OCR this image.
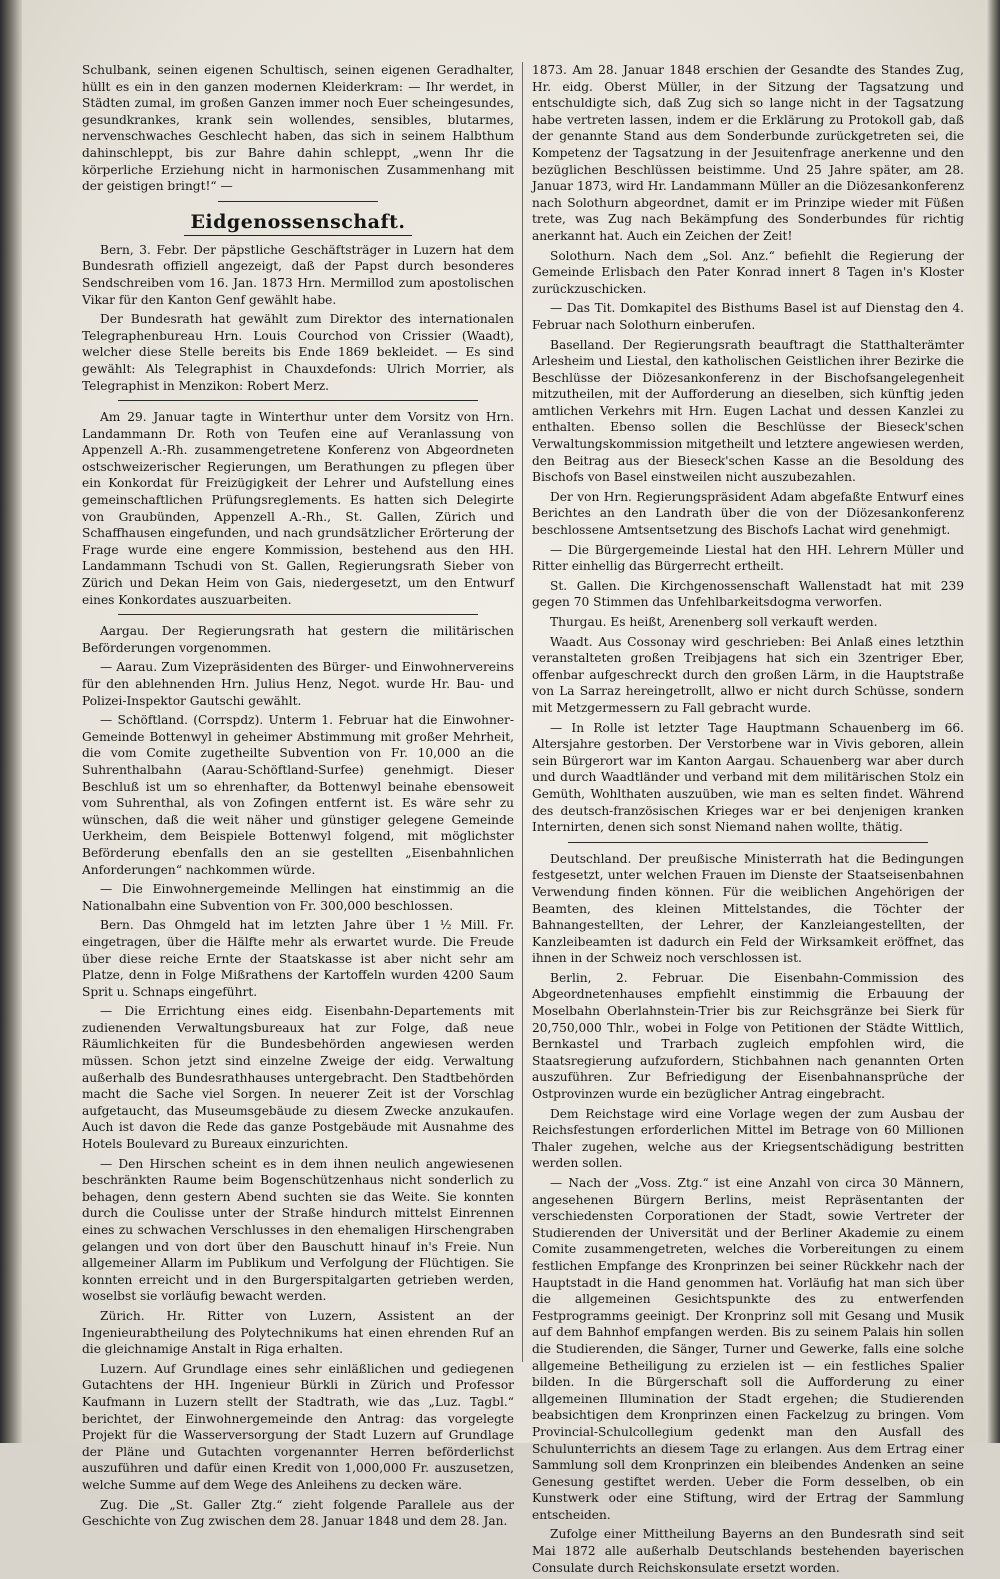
Schulbank, seinen eigenen Schultisch, seinen eigenen Geradhalter, hüllt es ein in den ganzen modernen Kleiderkram: — Ihr werdet, in Städten zumal, im großen Ganzen immer noch Euer scheingesundes, gesundkrankes, krank sein wollendes, sensibles, blutarmes, nervenschwaches Geschlecht haben, das sich in seinem Halbthum dahinschleppt, bis zur Bahre dahin schleppt, „wenn Ihr die körperliche Erziehung nicht in harmonischen Zusammenhang mit der geistigen bringt!“ —

Eidgenossenschaft.

Bern, 3. Febr. Der päpstliche Geschäftsträger in Luzern hat dem Bundesrath offiziell angezeigt, daß der Papst durch besonderes Sendschreiben vom 16. Jan. 1873 Hrn. Mermillod zum apostolischen Vikar für den Kanton Genf gewählt habe.

Der Bundesrath hat gewählt zum Direktor des internationalen Telegraphenbureau Hrn. Louis Courchod von Crissier (Waadt), welcher diese Stelle bereits bis Ende 1869 bekleidet. — Es sind gewählt: Als Telegraphist in Chauxdefonds: Ulrich Morrier, als Telegraphist in Menzikon: Robert Merz.

Am 29. Januar tagte in Winterthur unter dem Vorsitz von Hrn. Landammann Dr. Roth von Teufen eine auf Veranlassung von Appenzell A.-Rh. zusammengetretene Konferenz von Abgeordneten ostschweizerischer Regierungen, um Berathungen zu pflegen über ein Konkordat für Freizügigkeit der Lehrer und Aufstellung eines gemeinschaftlichen Prüfungsreglements. Es hatten sich Delegirte von Graubünden, Appenzell A.-Rh., St. Gallen, Zürich und Schaffhausen eingefunden, und nach grundsätzlicher Erörterung der Frage wurde eine engere Kommission, bestehend aus den HH. Landammann Tschudi von St. Gallen, Regierungsrath Sieber von Zürich und Dekan Heim von Gais, niedergesetzt, um den Entwurf eines Konkordates auszuarbeiten.

Aargau. Der Regierungsrath hat gestern die militärischen Beförderungen vorgenommen.

— Aarau. Zum Vizepräsidenten des Bürger- und Einwohnervereins für den ablehnenden Hrn. Julius Henz, Negot. wurde Hr. Bau- und Polizei-Inspektor Gautschi gewählt.

— Schöftland. (Corrspdz). Unterm 1. Februar hat die Einwohner-Gemeinde Bottenwyl in geheimer Abstimmung mit großer Mehrheit, die vom Comite zugetheilte Subvention von Fr. 10,000 an die Suhrenthalbahn (Aarau-Schöftland-Surfee) genehmigt. Dieser Beschluß ist um so ehrenhafter, da Bottenwyl beinahe ebensoweit vom Suhrenthal, als von Zofingen entfernt ist. Es wäre sehr zu wünschen, daß die weit näher und günstiger gelegene Gemeinde Uerkheim, dem Beispiele Bottenwyl folgend, mit möglichster Beförderung ebenfalls den an sie gestellten „Eisenbahnlichen Anforderungen“ nachkommen würde.

— Die Einwohnergemeinde Mellingen hat einstimmig an die Nationalbahn eine Subvention von Fr. 300,000 beschlossen.

Bern. Das Ohmgeld hat im letzten Jahre über 1 ½ Mill. Fr. eingetragen, über die Hälfte mehr als erwartet wurde. Die Freude über diese reiche Ernte der Staatskasse ist aber nicht sehr am Platze, denn in Folge Mißrathens der Kartoffeln wurden 4200 Saum Sprit u. Schnaps eingeführt.

— Die Errichtung eines eidg. Eisenbahn-Departements mit zudienenden Verwaltungsbureaux hat zur Folge, daß neue Räumlichkeiten für die Bundesbehörden angewiesen werden müssen. Schon jetzt sind einzelne Zweige der eidg. Verwaltung außerhalb des Bundesrathhauses untergebracht. Den Stadtbehörden macht die Sache viel Sorgen. In neuerer Zeit ist der Vorschlag aufgetaucht, das Museumsgebäude zu diesem Zwecke anzukaufen. Auch ist davon die Rede das ganze Postgebäude mit Ausnahme des Hotels Boulevard zu Bureaux einzurichten.

— Den Hirschen scheint es in dem ihnen neulich angewiesenen beschränkten Raume beim Bogenschützenhaus nicht sonderlich zu behagen, denn gestern Abend suchten sie das Weite. Sie konnten durch die Coulisse unter der Straße hindurch mittelst Einrennen eines zu schwachen Verschlusses in den ehemaligen Hirschengraben gelangen und von dort über den Bauschutt hinauf in's Freie. Nun allgemeiner Allarm im Publikum und Verfolgung der Flüchtigen. Sie konnten erreicht und in den Burgerspitalgarten getrieben werden, woselbst sie vorläufig bewacht werden.

Zürich. Hr. Ritter von Luzern, Assistent an der Ingenieurabtheilung des Polytechnikums hat einen ehrenden Ruf an die gleichnamige Anstalt in Riga erhalten.

Luzern. Auf Grundlage eines sehr einläßlichen und gediegenen Gutachtens der HH. Ingenieur Bürkli in Zürich und Professor Kaufmann in Luzern stellt der Stadtrath, wie das „Luz. Tagbl.“ berichtet, der Einwohnergemeinde den Antrag: das vorgelegte Projekt für die Wasserversorgung der Stadt Luzern auf Grundlage der Pläne und Gutachten vorgenannter Herren beförderlichst auszuführen und dafür einen Kredit von 1,000,000 Fr. auszusetzen, welche Summe auf dem Wege des Anleihens zu decken wäre.

Zug. Die „St. Galler Ztg.“ zieht folgende Parallele aus der Geschichte von Zug zwischen dem 28. Januar 1848 und dem 28. Jan.

1873. Am 28. Januar 1848 erschien der Gesandte des Standes Zug, Hr. eidg. Oberst Müller, in der Sitzung der Tagsatzung und entschuldigte sich, daß Zug sich so lange nicht in der Tagsatzung habe vertreten lassen, indem er die Erklärung zu Protokoll gab, daß der genannte Stand aus dem Sonderbunde zurückgetreten sei, die Kompetenz der Tagsatzung in der Jesuitenfrage anerkenne und den bezüglichen Beschlüssen beistimme. Und 25 Jahre später, am 28. Januar 1873, wird Hr. Landammann Müller an die Diözesankonferenz nach Solothurn abgeordnet, damit er im Prinzipe wieder mit Füßen trete, was Zug nach Bekämpfung des Sonderbundes für richtig anerkannt hat. Auch ein Zeichen der Zeit!

Solothurn. Nach dem „Sol. Anz.“ befiehlt die Regierung der Gemeinde Erlisbach den Pater Konrad innert 8 Tagen in's Kloster zurückzuschicken.

— Das Tit. Domkapitel des Bisthums Basel ist auf Dienstag den 4. Februar nach Solothurn einberufen.

Baselland. Der Regierungsrath beauftragt die Statthalterämter Arlesheim und Liestal, den katholischen Geistlichen ihrer Bezirke die Beschlüsse der Diözesankonferenz in der Bischofsangelegenheit mitzutheilen, mit der Aufforderung an dieselben, sich künftig jeden amtlichen Verkehrs mit Hrn. Eugen Lachat und dessen Kanzlei zu enthalten. Ebenso sollen die Beschlüsse der Bieseck'schen Verwaltungskommission mitgetheilt und letztere angewiesen werden, den Beitrag aus der Bieseck'schen Kasse an die Besoldung des Bischofs von Basel einstweilen nicht auszubezahlen.

Der von Hrn. Regierungspräsident Adam abgefaßte Entwurf eines Berichtes an den Landrath über die von der Diözesankonferenz beschlossene Amtsentsetzung des Bischofs Lachat wird genehmigt.

— Die Bürgergemeinde Liestal hat den HH. Lehrern Müller und Ritter einhellig das Bürgerrecht ertheilt.

St. Gallen. Die Kirchgenossenschaft Wallenstadt hat mit 239 gegen 70 Stimmen das Unfehlbarkeitsdogma verworfen.

Thurgau. Es heißt, Arenenberg soll verkauft werden.

Waadt. Aus Cossonay wird geschrieben: Bei Anlaß eines letzthin veranstalteten großen Treibjagens hat sich ein 3zentriger Eber, offenbar aufgeschreckt durch den großen Lärm, in die Hauptstraße von La Sarraz hereingetrollt, allwo er nicht durch Schüsse, sondern mit Metzgermessern zu Fall gebracht wurde.

— In Rolle ist letzter Tage Hauptmann Schauenberg im 66. Altersjahre gestorben. Der Verstorbene war in Vivis geboren, allein sein Bürgerort war im Kanton Aargau. Schauenberg war aber durch und durch Waadtländer und verband mit dem militärischen Stolz ein Gemüth, Wohlthaten auszuüben, wie man es selten findet. Während des deutsch-französischen Krieges war er bei denjenigen kranken Internirten, denen sich sonst Niemand nahen wollte, thätig.

Deutschland. Der preußische Ministerrath hat die Bedingungen festgesetzt, unter welchen Frauen im Dienste der Staatseisenbahnen Verwendung finden können. Für die weiblichen Angehörigen der Beamten, des kleinen Mittelstandes, die Töchter der Bahnangestellten, der Lehrer, der Kanzleiangestellten, der Kanzleibeamten ist dadurch ein Feld der Wirksamkeit eröffnet, das ihnen in der Schweiz noch verschlossen ist.

Berlin, 2. Februar. Die Eisenbahn-Commission des Abgeordnetenhauses empfiehlt einstimmig die Erbauung der Moselbahn Oberlahnstein-Trier bis zur Reichsgränze bei Sierk für 20,750,000 Thlr., wobei in Folge von Petitionen der Städte Wittlich, Bernkastel und Trarbach zugleich empfohlen wird, die Staatsregierung aufzufordern, Stichbahnen nach genannten Orten auszuführen. Zur Befriedigung der Eisenbahnansprüche der Ostprovinzen wurde ein bezüglicher Antrag eingebracht.

Dem Reichstage wird eine Vorlage wegen der zum Ausbau der Reichsfestungen erforderlichen Mittel im Betrage von 60 Millionen Thaler zugehen, welche aus der Kriegsentschädigung bestritten werden sollen.

— Nach der „Voss. Ztg.“ ist eine Anzahl von circa 30 Männern, angesehenen Bürgern Berlins, meist Repräsentanten der verschiedensten Corporationen der Stadt, sowie Vertreter der Studierenden der Universität und der Berliner Akademie zu einem Comite zusammengetreten, welches die Vorbereitungen zu einem festlichen Empfange des Kronprinzen bei seiner Rückkehr nach der Hauptstadt in die Hand genommen hat. Vorläufig hat man sich über die allgemeinen Gesichtspunkte des zu entwerfenden Festprogramms geeinigt. Der Kronprinz soll mit Gesang und Musik auf dem Bahnhof empfangen werden. Bis zu seinem Palais hin sollen die Studierenden, die Sänger, Turner und Gewerke, falls eine solche allgemeine Betheiligung zu erzielen ist — ein festliches Spalier bilden. In die Bürgerschaft soll die Aufforderung zu einer allgemeinen Illumination der Stadt ergehen; die Studierenden beabsichtigen dem Kronprinzen einen Fackelzug zu bringen. Vom Provincial-Schulcollegium gedenkt man den Ausfall des Schulunterrichts an diesem Tage zu erlangen. Aus dem Ertrag einer Sammlung soll dem Kronprinzen ein bleibendes Andenken an seine Genesung gestiftet werden. Ueber die Form desselben, ob ein Kunstwerk oder eine Stiftung, wird der Ertrag der Sammlung entscheiden.

Zufolge einer Mittheilung Bayerns an den Bundesrath sind seit Mai 1872 alle außerhalb Deutschlands bestehenden bayerischen Consulate durch Reichskonsulate ersetzt worden.
